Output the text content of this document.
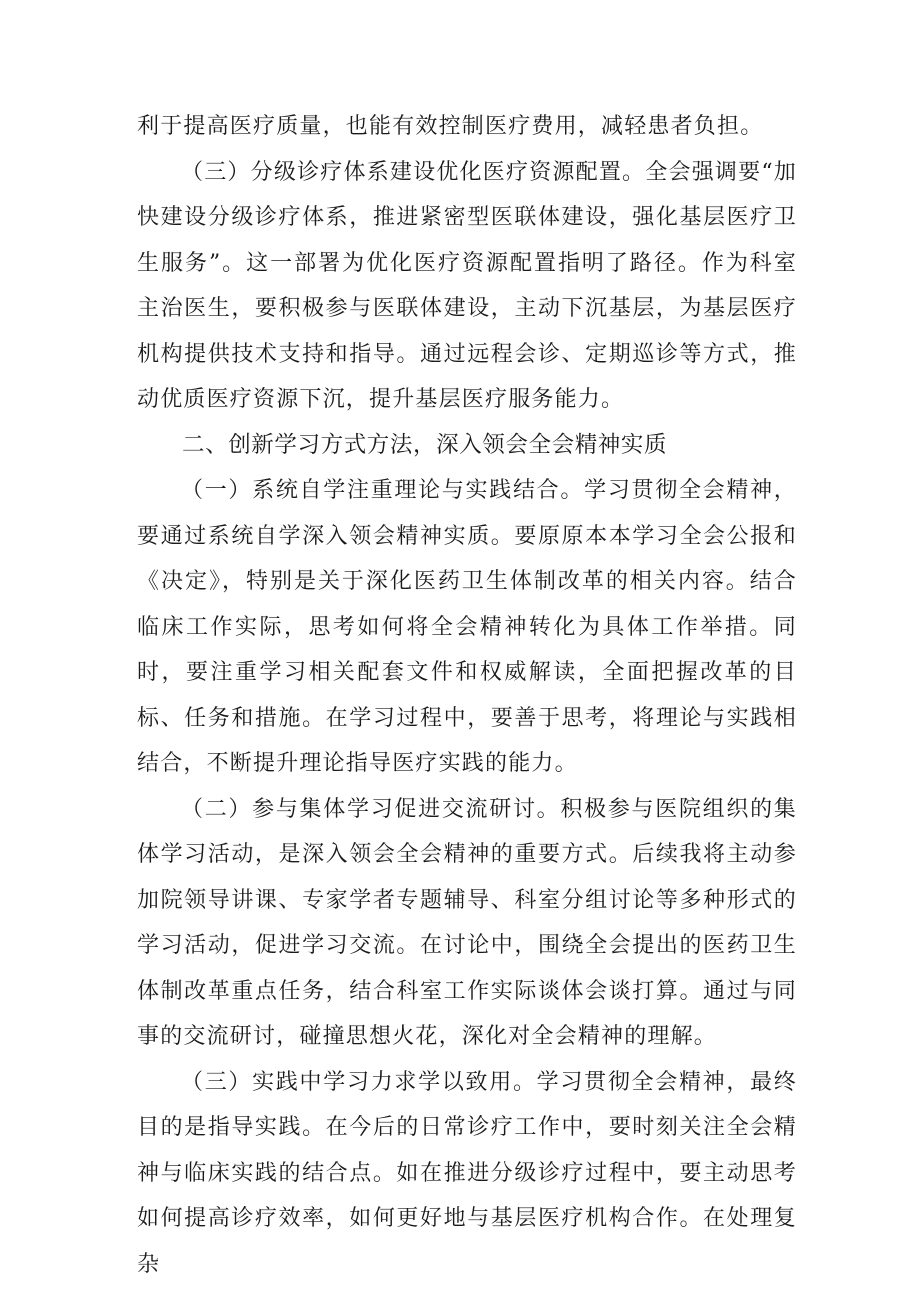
利于提高医疗质量，也能有效控制医疗费用，减轻患者负担。

（三）分级诊疗体系建设优化医疗资源配置。全会强调要“加快建设分级诊疗体系，推进紧密型医联体建设，强化基层医疗卫生服务”。这一部署为优化医疗资源配置指明了路径。作为科室主治医生，要积极参与医联体建设，主动下沉基层，为基层医疗机构提供技术支持和指导。通过远程会诊、定期巡诊等方式，推动优质医疗资源下沉，提升基层医疗服务能力。

二、创新学习方式方法，深入领会全会精神实质

（一）系统自学注重理论与实践结合。学习贯彻全会精神，要通过系统自学深入领会精神实质。要原原本本学习全会公报和《决定》，特别是关于深化医药卫生体制改革的相关内容。结合临床工作实际，思考如何将全会精神转化为具体工作举措。同时，要注重学习相关配套文件和权威解读，全面把握改革的目标、任务和措施。在学习过程中，要善于思考，将理论与实践相结合，不断提升理论指导医疗实践的能力。

（二）参与集体学习促进交流研讨。积极参与医院组织的集体学习活动，是深入领会全会精神的重要方式。后续我将主动参加院领导讲课、专家学者专题辅导、科室分组讨论等多种形式的学习活动，促进学习交流。在讨论中，围绕全会提出的医药卫生体制改革重点任务，结合科室工作实际谈体会谈打算。通过与同事的交流研讨，碰撞思想火花，深化对全会精神的理解。

（三）实践中学习力求学以致用。学习贯彻全会精神，最终目的是指导实践。在今后的日常诊疗工作中，要时刻关注全会精神与临床实践的结合点。如在推进分级诊疗过程中，要主动思考如何提高诊疗效率，如何更好地与基层医疗机构合作。在处理复杂
